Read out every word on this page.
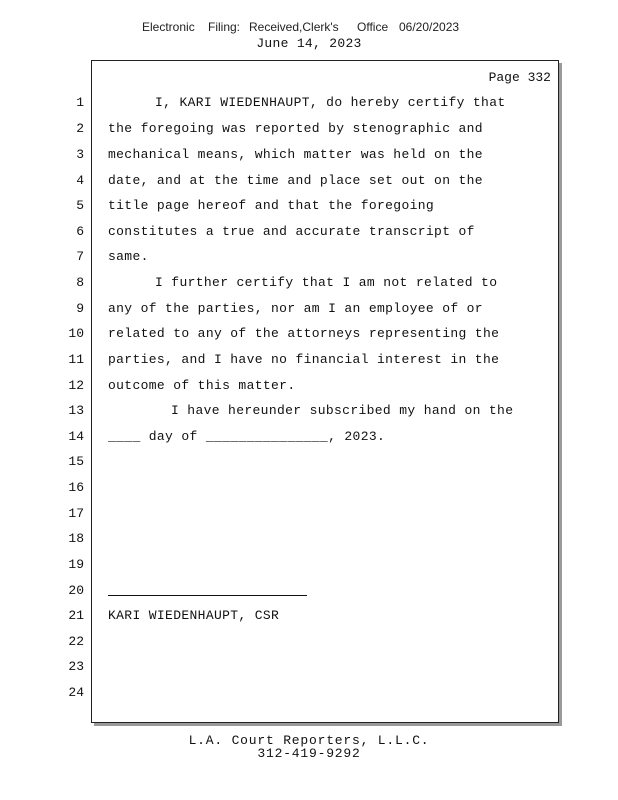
Electronic Filing: Received,Clerk's Office 06/20/2023
June 14, 2023
Page 332
1	I, KARI WIEDENHAUPT, do hereby certify that
2 the foregoing was reported by stenographic and
3 mechanical means, which matter was held on the
4 date, and at the time and place set out on the
5 title page hereof and that the foregoing
6 constitutes a true and accurate transcript of
7 same.
8	I further certify that I am not related to
9 any of the parties, nor am I an employee of or
10 related to any of the attorneys representing the
11 parties, and I have no financial interest in the
12 outcome of this matter.
13	I have hereunder subscribed my hand on the
14 ____ day of _______________, 2023.
15
16
17
18
19
20
21 KARI WIEDENHAUPT, CSR
22
23
24
L.A. Court Reporters, L.L.C.
312-419-9292
